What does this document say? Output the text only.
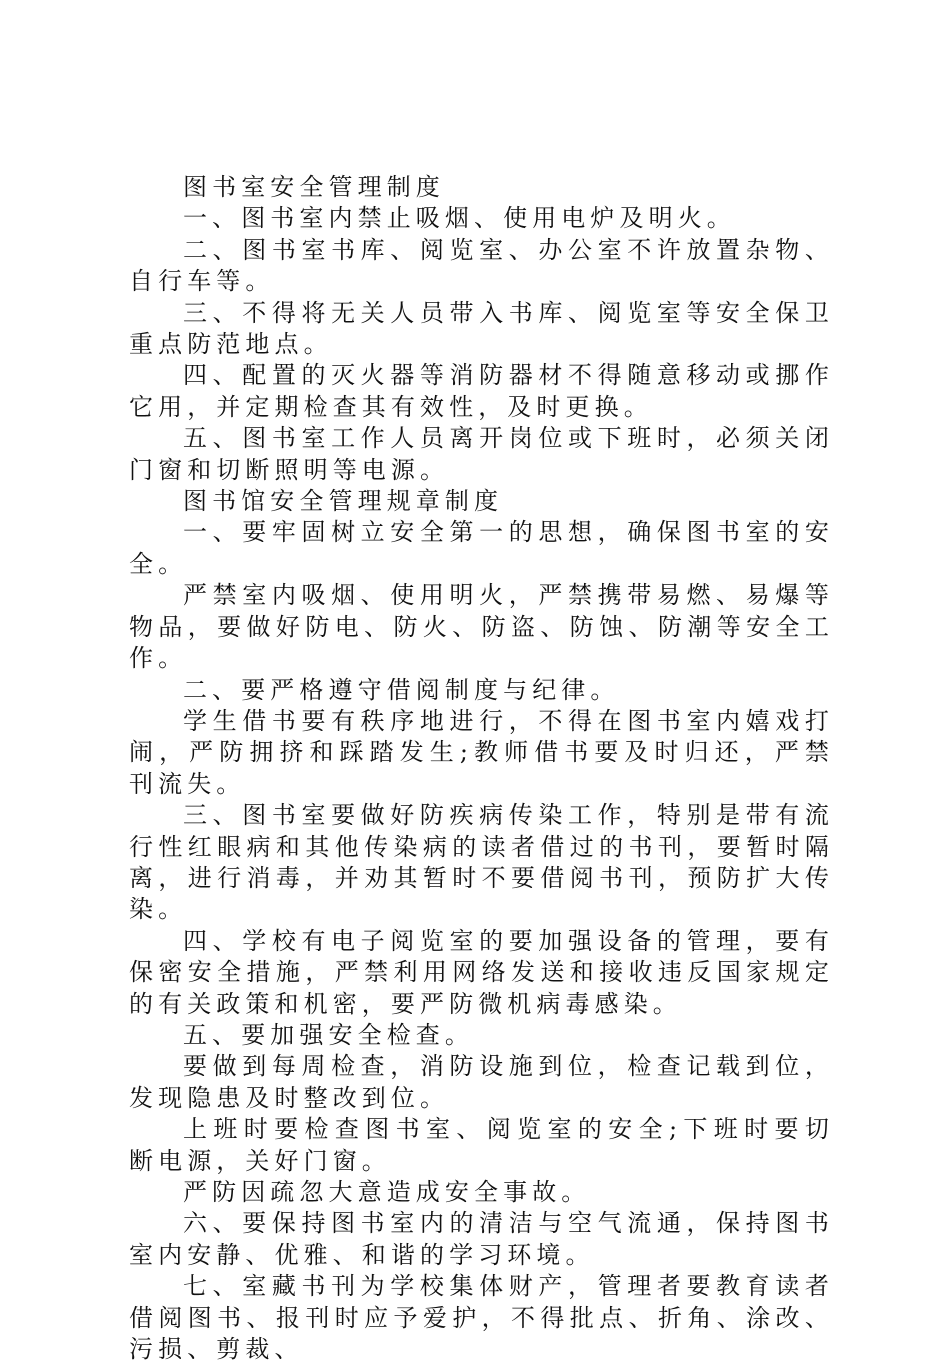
图书室安全管理制度

一、图书室内禁止吸烟、使用电炉及明火。

二、图书室书库、阅览室、办公室不许放置杂物、自行车等。

三、不得将无关人员带入书库、阅览室等安全保卫重点防范地点。

四、配置的灭火器等消防器材不得随意移动或挪作它用，并定期检查其有效性，及时更换。

五、图书室工作人员离开岗位或下班时，必须关闭门窗和切断照明等电源。

图书馆安全管理规章制度

一、要牢固树立安全第一的思想，确保图书室的安全。

严禁室内吸烟、使用明火，严禁携带易燃、易爆等物品，要做好防电、防火、防盗、防蚀、防潮等安全工作。

二、要严格遵守借阅制度与纪律。

学生借书要有秩序地进行，不得在图书室内嬉戏打闹，严防拥挤和踩踏发生;教师借书要及时归还，严禁刊流失。

三、图书室要做好防疾病传染工作，特别是带有流行性红眼病和其他传染病的读者借过的书刊，要暂时隔离，进行消毒，并劝其暂时不要借阅书刊，预防扩大传染。

四、学校有电子阅览室的要加强设备的管理，要有保密安全措施，严禁利用网络发送和接收违反国家规定的有关政策和机密，要严防微机病毒感染。

五、要加强安全检查。

要做到每周检查，消防设施到位，检查记载到位，发现隐患及时整改到位。

上班时要检查图书室、阅览室的安全;下班时要切断电源，关好门窗。

严防因疏忽大意造成安全事故。

六、要保持图书室内的清洁与空气流通，保持图书室内安静、优雅、和谐的学习环境。

七、室藏书刊为学校集体财产，管理者要教育读者借阅图书、报刊时应予爱护，不得批点、折角、涂改、污损、剪裁、
